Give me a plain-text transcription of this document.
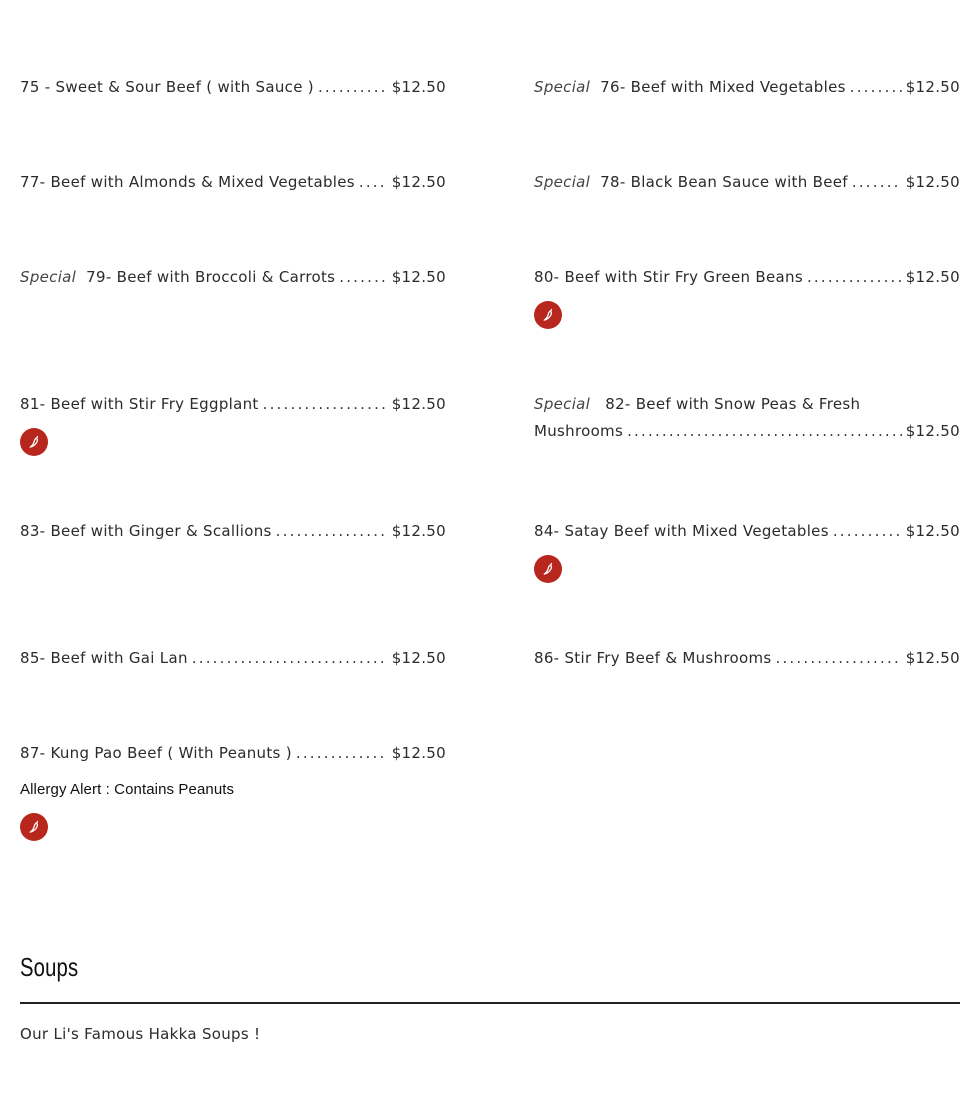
.....
.....
75 - Sweet & Sour Beef ( with Sauce ) .....	$12.50	Special 76- Beef with Mixed Vegetables .....	$12.50
77- Beef with Almonds & Mixed Vegetables ..... $12.50	Special 78- Black Bean Sauce with Beef .....	$12.50
Special 79- Beef with Broccoli & Carrots .....	$12.50	80- Beef with Stir Fry Green Beans .....	$12.50
81- Beef with Stir Fry Eggplant .....	$12.50	Special 82- Beef with Snow Peas & Fresh
Mushrooms .....	$12.50
83- Beef with Ginger & Scallions .....	$12.50	84- Satay Beef with Mixed Vegetables .....	$12.50
85- Beef with Gai Lan .....	$12.50	86- Stir Fry Beef & Mushrooms .....	$12.50
87- Kung Pao Beef ( With Peanuts ) .....	$12.50
Allergy Alert : Contains Peanuts
Soups
Our Li's Famous Hakka Soups !
